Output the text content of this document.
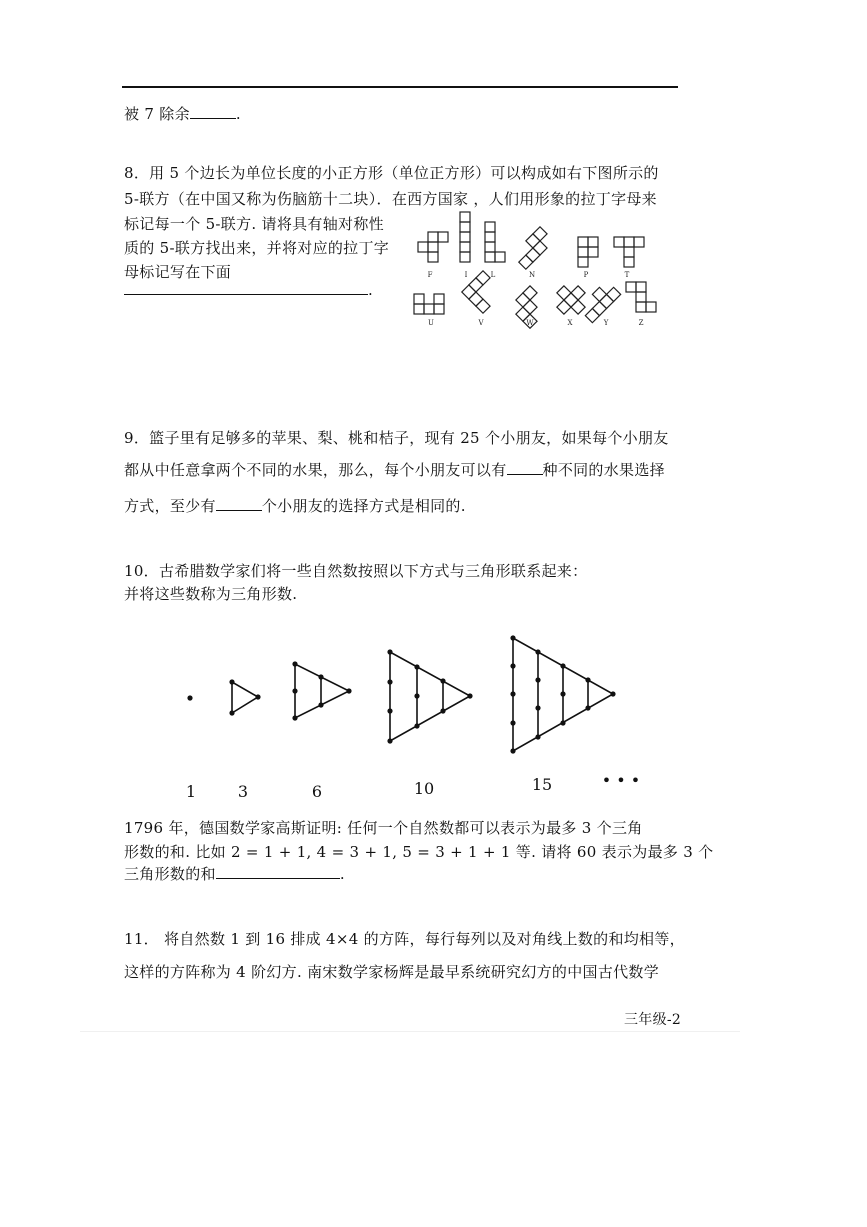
被 7 除余	.
8．用 5 个边长为单位长度的小正方形（单位正方形）可以构成如右下图所示的
5-联方（在中国又称为伤脑筋十二块）．在西方国家 ，人们用形象的拉丁字母来
标记每一个 5-联方. 请将具有轴对称性
质的 5-联方找出来，并将对应的拉丁字
母标记写在下面
.
F	I	L	N	P	T
U	V	W	X	Y	Z
9．篮子里有足够多的苹果、梨、桃和桔子，现有 25 个小朋友，如果每个小朋友
都从中任意拿两个不同的水果，那么，每个小朋友可以有 种不同的水果选择
方式，至少有	个小朋友的选择方式是相同的.
10．古希腊数学家们将一些自然数按照以下方式与三角形联系起来：
并将这些数称为三角形数.
1	3	6	10	15	• • •
1796 年，德国数学家高斯证明: 任何一个自然数都可以表示为最多 3 个三角
形数的和. 比如 2 = 1 + 1, 4 = 3 + 1, 5 = 3 + 1 + 1 等. 请将 60 表示为最多 3 个
三角形数的和	.
11． 将自然数 1 到 16 排成 4×4 的方阵，每行每列以及对角线上数的和均相等，
这样的方阵称为 4 阶幻方. 南宋数学家杨辉是最早系统研究幻方的中国古代数学
三年级-2
